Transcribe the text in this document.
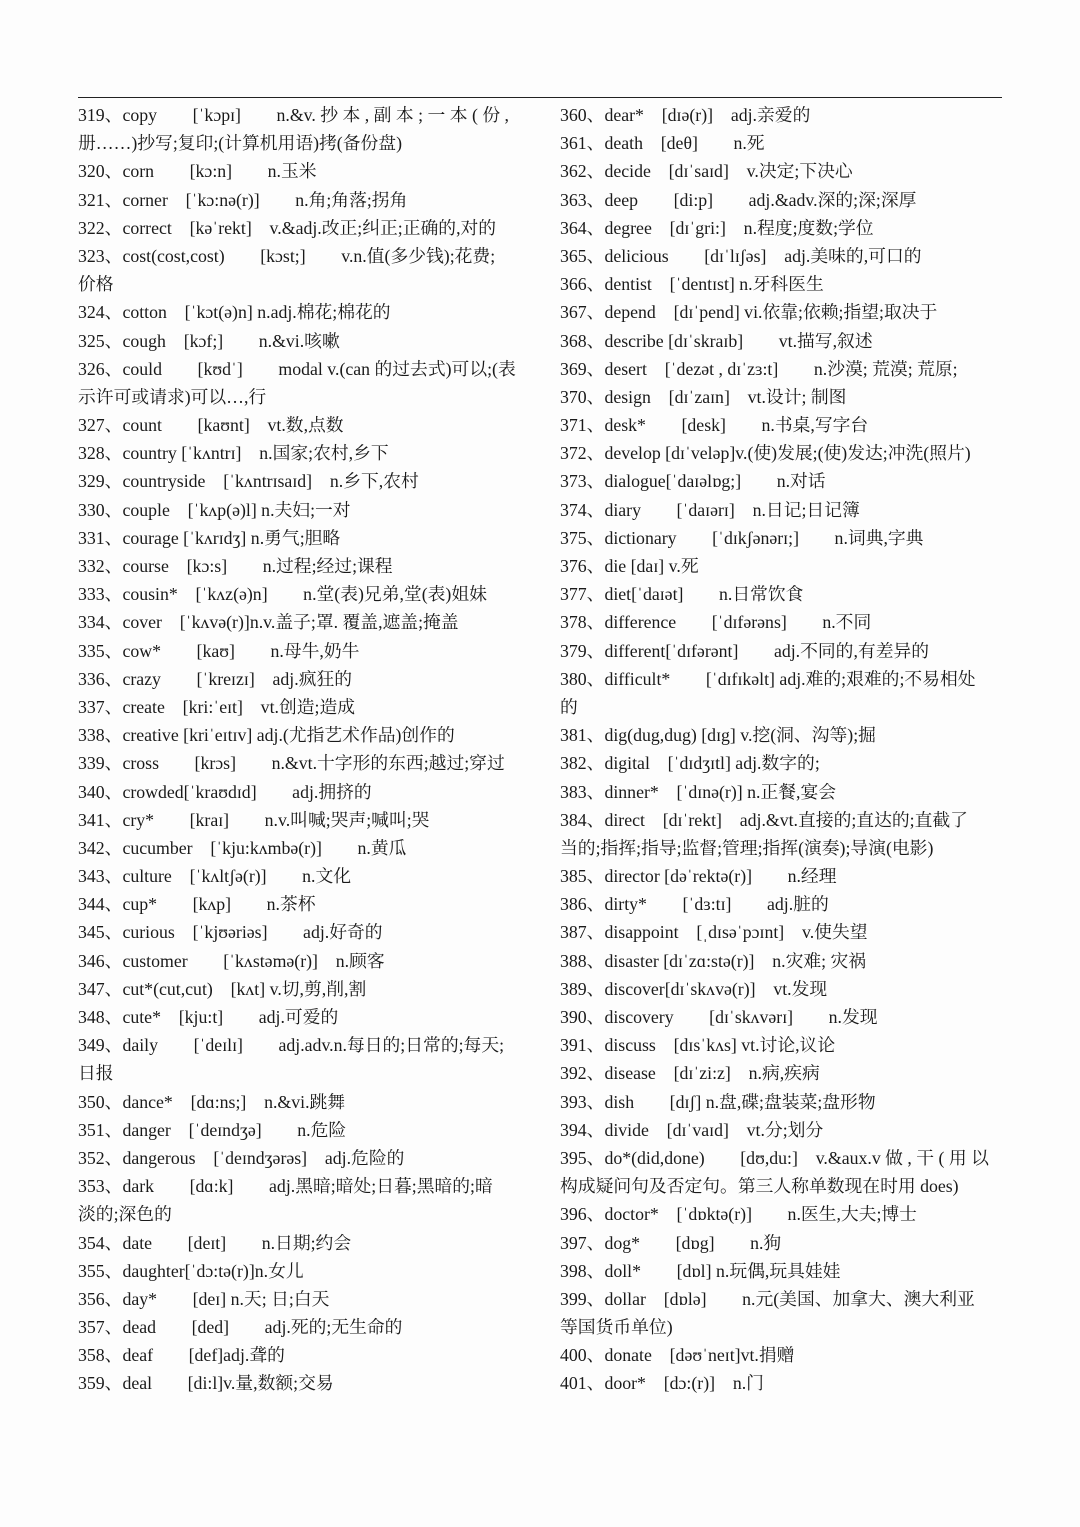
319、copy　　[ˈkɔpɪ]　　n.&v. 抄 本 , 副 本 ; 一 本 ( 份 ,
册……)抄写;复印;(计算机用语)拷(备份盘)
320、corn　　[kɔ:n]　　n.玉米
321、corner　[ˈkɔ:nə(r)]　　n.角;角落;拐角
322、correct　[kəˈrekt]　v.&adj.改正;纠正;正确的,对的
323、cost(cost,cost)　　[kɔst;]　　v.n.值(多少钱);花费;
价格
324、cotton　[ˈkɔt(ə)n] n.adj.棉花;棉花的
325、cough　[kɔf;]　　n.&vi.咳嗽
326、could　　[kʊdˈ]　　modal v.(can 的过去式)可以;(表
示许可或请求)可以…,行
327、count　　[kaʊnt]　vt.数,点数
328、country [ˈkʌntrɪ]　n.国家;农村,乡下
329、countryside　[ˈkʌntrɪsaɪd]　n.乡下,农村
330、couple　[ˈkʌp(ə)l] n.夫妇;一对
331、courage [ˈkʌrɪdʒ] n.勇气;胆略
332、course　[kɔ:s]　　n.过程;经过;课程
333、cousin*　[ˈkʌz(ə)n]　　n.堂(表)兄弟,堂(表)姐妹
334、cover　[ˈkʌvə(r)]n.v.盖子;罩. 覆盖,遮盖;掩盖
335、cow*　　[kaʊ]　　n.母牛,奶牛
336、crazy　　[ˈkreɪzɪ]　adj.疯狂的
337、create　[kri:ˈeɪt]　vt.创造;造成
338、creative [kriˈeɪtɪv] adj.(尤指艺术作品)创作的
339、cross　　[krɔs]　　n.&vt.十字形的东西;越过;穿过
340、crowded[ˈkraʊdɪd]　　adj.拥挤的
341、cry*　　[kraɪ]　　n.v.叫喊;哭声;喊叫;哭
342、cucumber　[ˈkju:kʌmbə(r)]　　n.黄瓜
343、culture　[ˈkʌltʃə(r)]　　n.文化
344、cup*　　[kʌp]　　n.茶杯
345、curious　[ˈkjʊəriəs]　　adj.好奇的
346、customer　　[ˈkʌstəmə(r)]　n.顾客
347、cut*(cut,cut)　[kʌt] v.切,剪,削,割
348、cute*　[kju:t]　　adj.可爱的
349、daily　　[ˈdeɪlɪ]　　adj.adv.n.每日的;日常的;每天;
日报
350、dance*　[dɑ:ns;]　n.&vi.跳舞
351、danger　[ˈdeɪndʒə]　　n.危险
352、dangerous　[ˈdeɪndʒərəs]　adj.危险的
353、dark　　[dɑ:k]　　adj.黑暗;暗处;日暮;黑暗的;暗
淡的;深色的
354、date　　[deɪt]　　n.日期;约会
355、daughter[ˈdɔ:tə(r)]n.女儿
356、day*　　[deɪ] n.天; 日;白天
357、dead　　[ded]　　adj.死的;无生命的
358、deaf　　[def]adj.聋的
359、deal　　[di:l]v.量,数额;交易
360、dear*　[dɪə(r)]　adj.亲爱的
361、death　[deθ]　　n.死
362、decide　[dɪˈsaɪd]　v.决定;下决心
363、deep　　[di:p]　　adj.&adv.深的;深;深厚
364、degree　[dɪˈgri:]　n.程度;度数;学位
365、delicious　　[dɪˈlɪʃəs]　adj.美味的,可口的
366、dentist　[ˈdentɪst] n.牙科医生
367、depend　[dɪˈpend] vi.依靠;依赖;指望;取决于
368、describe [dɪˈskraɪb]　　vt.描写,叙述
369、desert　[ˈdezət , dɪˈzɜ:t]　　n.沙漠; 荒漠; 荒原;
370、design　[dɪˈzaɪn]　vt.设计; 制图
371、desk*　　[desk]　　n.书桌,写字台
372、develop [dɪˈveləp]v.(使)发展;(使)发达;冲洗(照片)
373、dialogue[ˈdaɪəlɒg;]　　n.对话
374、diary　　[ˈdaɪərɪ]　n.日记;日记簿
375、dictionary　　[ˈdɪkʃənərɪ;]　　n.词典,字典
376、die [daɪ] v.死
377、diet[ˈdaɪət]　　n.日常饮食
378、difference　　[ˈdɪfərəns]　　n.不同
379、different[ˈdɪfərənt]　　adj.不同的,有差异的
380、difficult*　　[ˈdɪfɪkəlt] adj.难的;艰难的;不易相处
的
381、dig(dug,dug) [dɪg] v.挖(洞、沟等);掘
382、digital　[ˈdɪdʒɪtl] adj.数字的;
383、dinner*　[ˈdɪnə(r)] n.正餐,宴会
384、direct　[dɪˈrekt]　adj.&vt.直接的;直达的;直截了
当的;指挥;指导;监督;管理;指挥(演奏);导演(电影)
385、director [dəˈrektə(r)]　　n.经理
386、dirty*　　[ˈdɜ:tɪ]　　adj.脏的
387、disappoint　[ˌdɪsəˈpɔɪnt]　v.使失望
388、disaster [dɪˈzɑ:stə(r)]　n.灾难; 灾祸
389、discover[dɪˈskʌvə(r)]　vt.发现
390、discovery　　[dɪˈskʌvərɪ]　　n.发现
391、discuss　[dɪsˈkʌs] vt.讨论,议论
392、disease　[dɪˈzi:z]　n.病,疾病
393、dish　　[dɪʃ] n.盘,碟;盘装菜;盘形物
394、divide　[dɪˈvaɪd]　vt.分;划分
395、do*(did,done)　　[dʊ,du:]　v.&aux.v 做 , 干 ( 用 以
构成疑问句及否定句。第三人称单数现在时用 does)
396、doctor*　[ˈdɒktə(r)]　　n.医生,大夫;博士
397、dog*　　[dɒg]　　n.狗
398、doll*　　[dɒl] n.玩偶,玩具娃娃
399、dollar　[dɒlə]　　n.元(美国、加拿大、澳大利亚
等国货币单位)
400、donate　[dəʊˈneɪt]vt.捐赠
401、door*　[dɔ:(r)]　n.门
